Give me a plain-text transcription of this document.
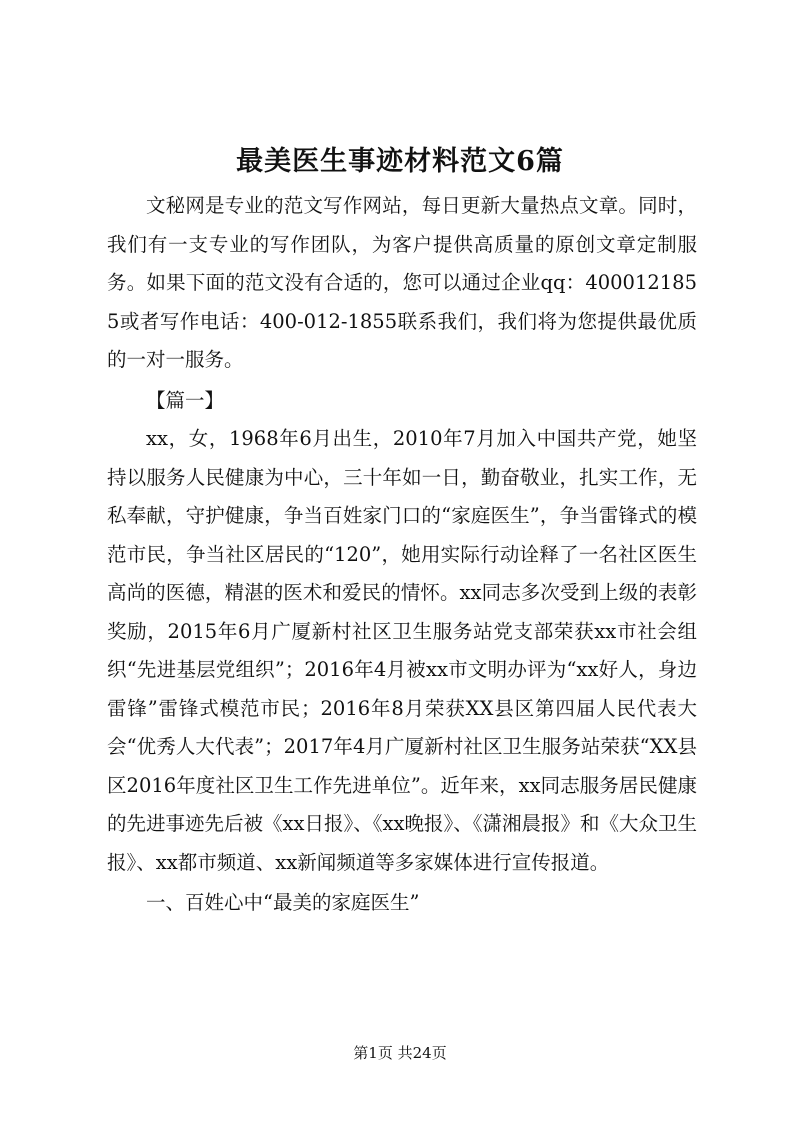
最美医生事迹材料范文6篇

文秘网是专业的范文写作网站，每日更新大量热点文章。同时，我们有一支专业的写作团队，为客户提供高质量的原创文章定制服务。如果下面的范文没有合适的，您可以通过企业qq：4000121855或者写作电话：400-012-1855联系我们，我们将为您提供最优质的一对一服务。

【篇一】

xx，女，1968年6月出生，2010年7月加入中国共产党，她坚持以服务人民健康为中心，三十年如一日，勤奋敬业，扎实工作，无私奉献，守护健康，争当百姓家门口的“家庭医生”，争当雷锋式的模范市民，争当社区居民的“120”，她用实际行动诠释了一名社区医生高尚的医德，精湛的医术和爱民的情怀。xx同志多次受到上级的表彰奖励，2015年6月广厦新村社区卫生服务站党支部荣获xx市社会组织“先进基层党组织”；2016年4月被xx市文明办评为“xx好人，身边雷锋”雷锋式模范市民；2016年8月荣获XX县区第四届人民代表大会“优秀人大代表”；2017年4月广厦新村社区卫生服务站荣获“XX县区2016年度社区卫生工作先进单位”。近年来，xx同志服务居民健康的先进事迹先后被《xx日报》、《xx晚报》、《潇湘晨报》和《大众卫生报》、xx都市频道、xx新闻频道等多家媒体进行宣传报道。

一、百姓心中“最美的家庭医生”

第1页 共24页
